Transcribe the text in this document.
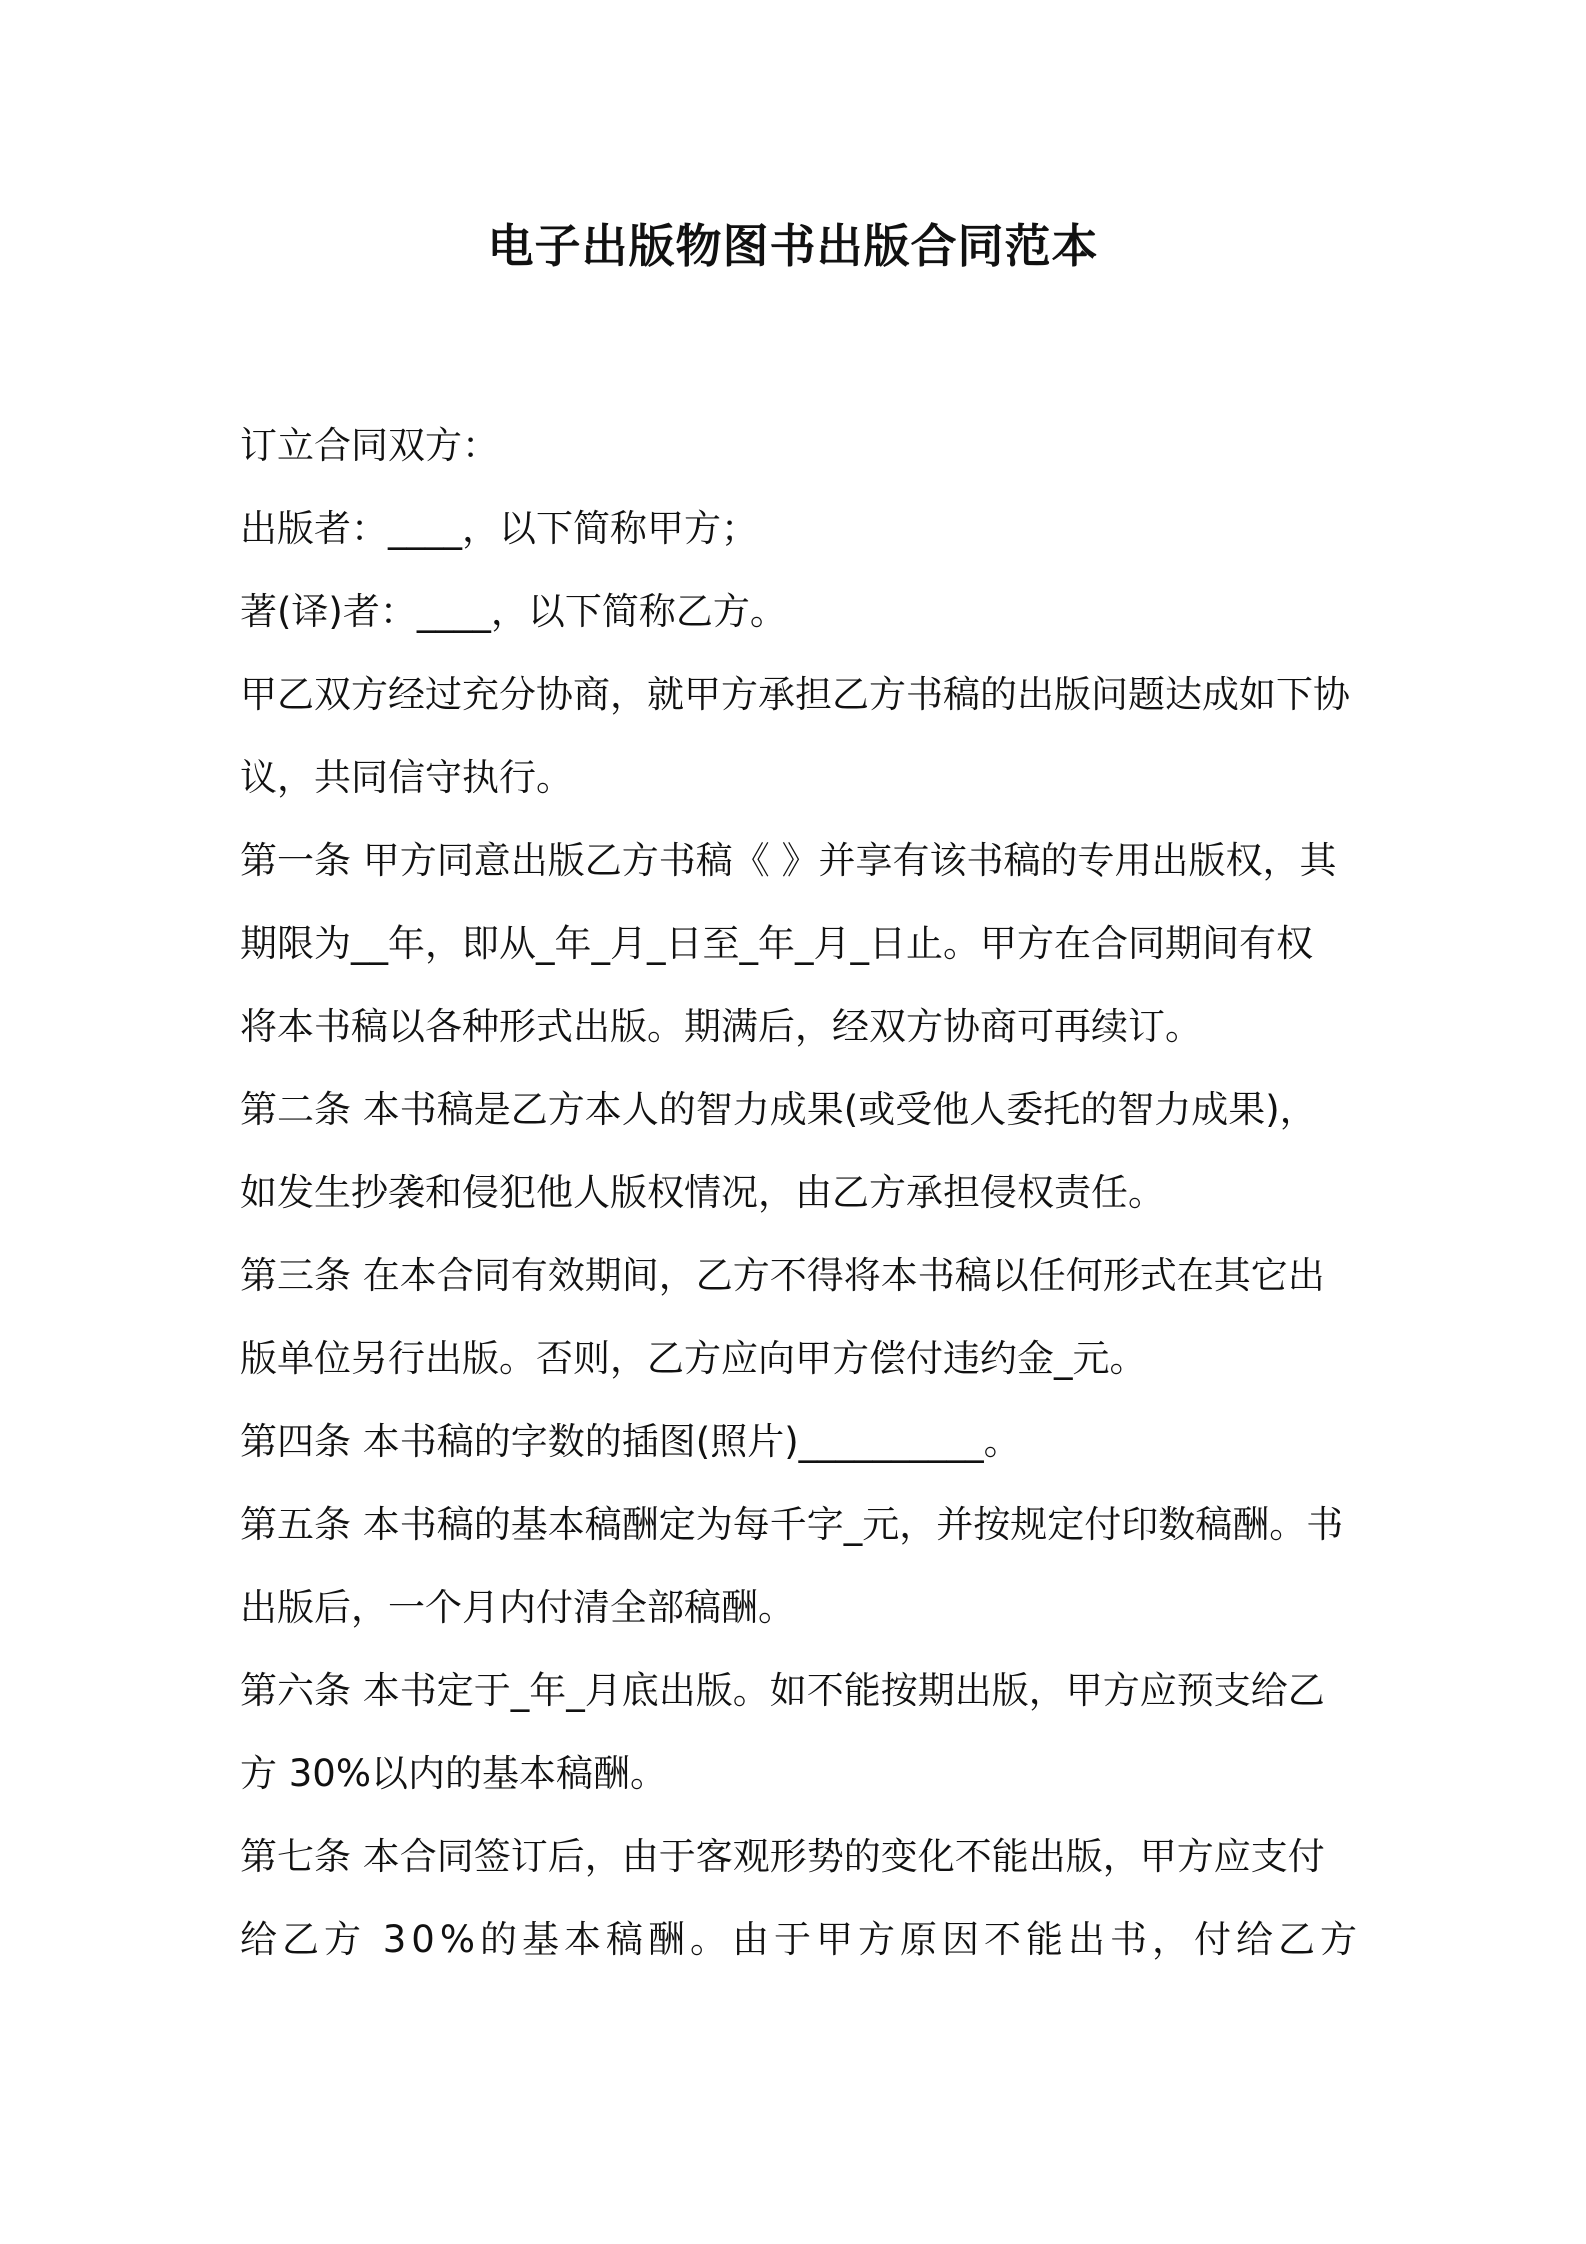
电子出版物图书出版合同范本
订立合同双方：
出版者：____，以下简称甲方；
著(译)者：____，以下简称乙方。
甲乙双方经过充分协商，就甲方承担乙方书稿的出版问题达成如下协
议，共同信守执行。
第一条 甲方同意出版乙方书稿《 》并享有该书稿的专用出版权，其
期限为__年，即从_年_月_日至_年_月_日止。甲方在合同期间有权
将本书稿以各种形式出版。期满后，经双方协商可再续订。
第二条 本书稿是乙方本人的智力成果(或受他人委托的智力成果)，
如发生抄袭和侵犯他人版权情况，由乙方承担侵权责任。
第三条 在本合同有效期间，乙方不得将本书稿以任何形式在其它出
版单位另行出版。否则，乙方应向甲方偿付违约金_元。
第四条 本书稿的字数的插图(照片)__________。
第五条 本书稿的基本稿酬定为每千字_元，并按规定付印数稿酬。书
出版后，一个月内付清全部稿酬。
第六条 本书定于_年_月底出版。如不能按期出版，甲方应预支给乙
方 30%以内的基本稿酬。
第七条 本合同签订后，由于客观形势的变化不能出版，甲方应支付
给乙方 30%的基本稿酬。由于甲方原因不能出书，付给乙方
